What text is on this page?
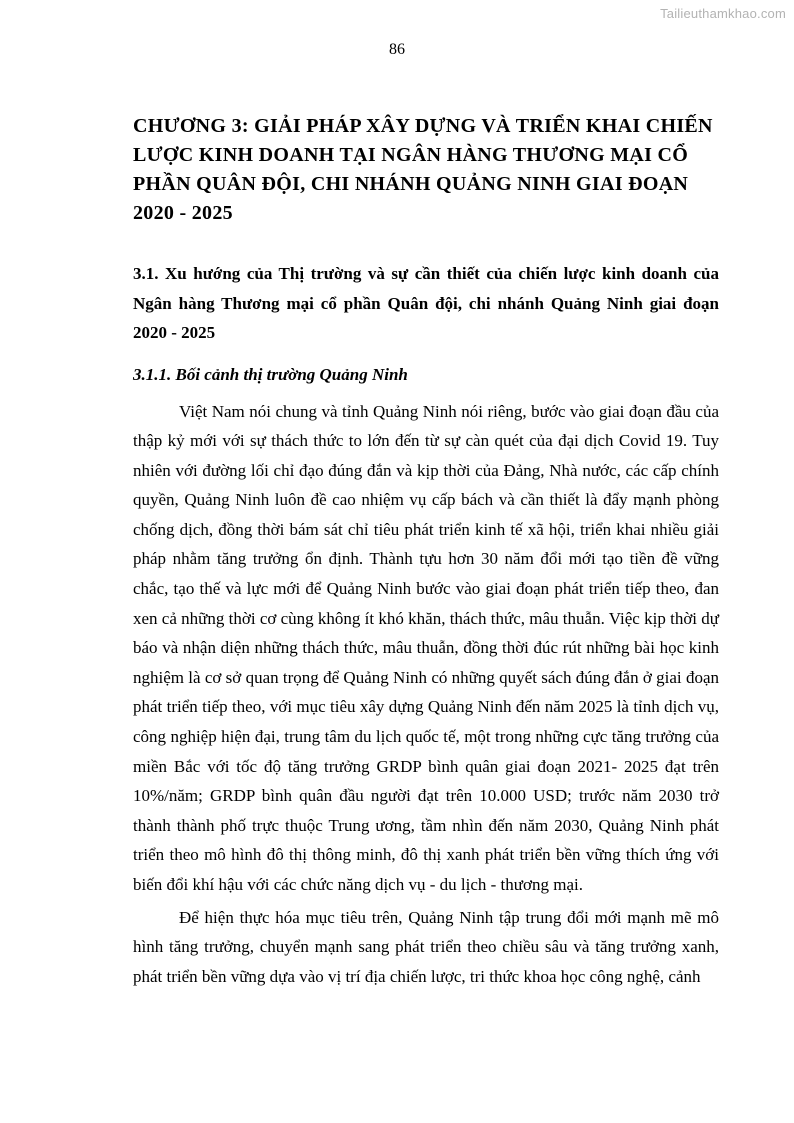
Tailieuthamkhao.com
86
CHƯƠNG 3: GIẢI PHÁP XÂY DỰNG VÀ TRIỂN KHAI CHIẾN LƯỢC KINH DOANH TẠI NGÂN HÀNG THƯƠNG MẠI CỔ PHẦN QUÂN ĐỘI, CHI NHÁNH QUẢNG NINH GIAI ĐOẠN 2020 - 2025
3.1. Xu hướng của Thị trường và sự cần thiết của chiến lược kinh doanh của Ngân hàng Thương mại cổ phần Quân đội, chi nhánh Quảng Ninh giai đoạn 2020 - 2025
3.1.1. Bối cảnh thị trường Quảng Ninh

Việt Nam nói chung và tỉnh Quảng Ninh nói riêng, bước vào giai đoạn đầu của thập kỷ mới với sự thách thức to lớn đến từ sự càn quét của đại dịch Covid 19. Tuy nhiên với đường lối chỉ đạo đúng đắn và kịp thời của Đảng, Nhà nước, các cấp chính quyền, Quảng Ninh luôn đề cao nhiệm vụ cấp bách và cần thiết là đẩy mạnh phòng chống dịch, đồng thời bám sát chỉ tiêu phát triển kinh tế xã hội, triển khai nhiều giải pháp nhằm tăng trưởng ổn định. Thành tựu hơn 30 năm đổi mới tạo tiền đề vững chắc, tạo thế và lực mới để Quảng Ninh bước vào giai đoạn phát triển tiếp theo, đan xen cả những thời cơ cùng không ít khó khăn, thách thức, mâu thuẫn. Việc kịp thời dự báo và nhận diện những thách thức, mâu thuẫn, đồng thời đúc rút những bài học kinh nghiệm là cơ sở quan trọng để Quảng Ninh có những quyết sách đúng đắn ở giai đoạn phát triển tiếp theo, với mục tiêu xây dựng Quảng Ninh đến năm 2025 là tỉnh dịch vụ, công nghiệp hiện đại, trung tâm du lịch quốc tế, một trong những cực tăng trưởng của miền Bắc với tốc độ tăng trưởng GRDP bình quân giai đoạn 2021- 2025 đạt trên 10%/năm; GRDP bình quân đầu người đạt trên 10.000 USD; trước năm 2030 trở thành thành phố trực thuộc Trung ương, tầm nhìn đến năm 2030, Quảng Ninh phát triển theo mô hình đô thị thông minh, đô thị xanh phát triển bền vững thích ứng với biến đổi khí hậu với các chức năng dịch vụ - du lịch - thương mại.

Để hiện thực hóa mục tiêu trên, Quảng Ninh tập trung đổi mới mạnh mẽ mô hình tăng trưởng, chuyển mạnh sang phát triển theo chiều sâu và tăng trưởng xanh, phát triển bền vững dựa vào vị trí địa chiến lược, tri thức khoa học công nghệ, cảnh
